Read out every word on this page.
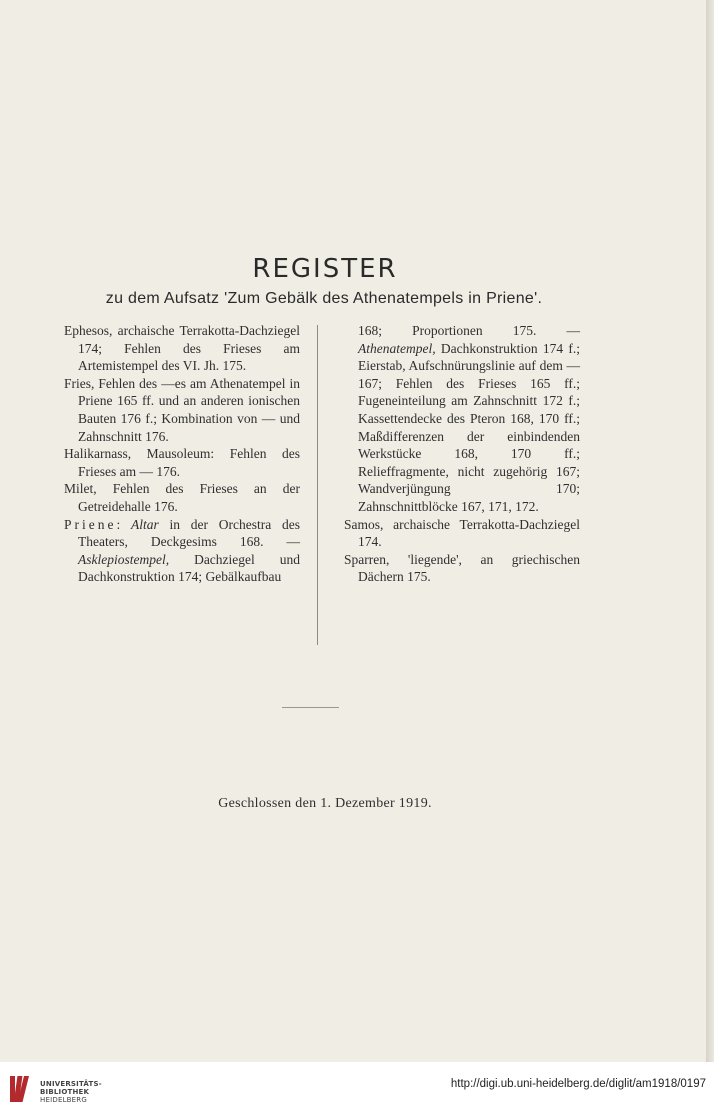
REGISTER
zu dem Aufsatz 'Zum Gebälk des Athenatempels in Priene'.
Ephesos, archaische Terrakotta-Dachziegel 174; Fehlen des Frieses am Artemistempel des VI. Jh. 175.
Fries, Fehlen des —es am Athenatempel in Priene 165 ff. und an anderen ionischen Bauten 176 f.; Kombination von — und Zahnschnitt 176.
Halikarnass, Mausoleum: Fehlen des Frieses am — 176.
Milet, Fehlen des Frieses an der Getreidehalle 176.
Priene: Altar in der Orchestra des Theaters, Deckgesims 168. — Asklepiostempel, Dachziegel und Dachkonstruktion 174; Gebälkaufbau
168; Proportionen 175. — Athenatempel, Dachkonstruktion 174 f.; Eierstab, Aufschnürungslinie auf dem — 167; Fehlen des Frieses 165 ff.; Fugeneinteilung am Zahnschnitt 172 f.; Kassettendecke des Pteron 168, 170 ff.; Maßdifferenzen der einbindenden Werkstücke 168, 170 ff.; Relieffragmente, nicht zugehörig 167; Wandverjüngung 170; Zahnschnittblöcke 167, 171, 172.
Samos, archaische Terrakotta-Dachziegel 174.
Sparren, 'liegende', an griechischen Dächern 175.
Geschlossen den 1. Dezember 1919.
UNIVERSITÄTS-
BIBLIOTHEK
HEIDELBERG
http://digi.ub.uni-heidelberg.de/diglit/am1918/0197
